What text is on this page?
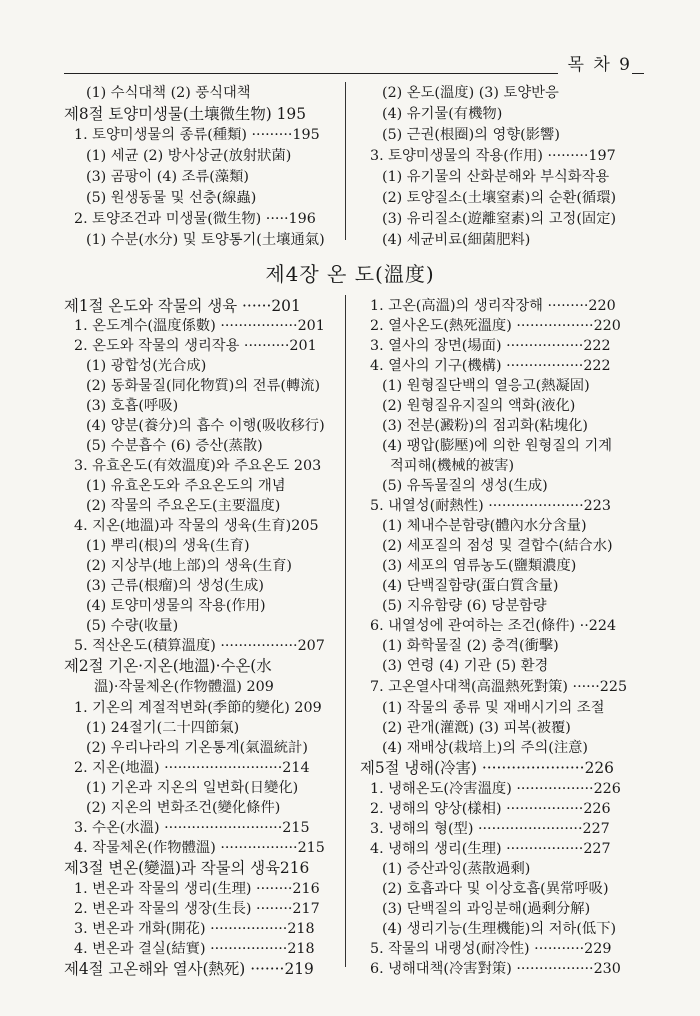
목 차 9
(1) 수식대책 (2) 풍식대책
제8절 토양미생물(土壤微生物) 195
1. 토양미생물의 종류(種類) ·········195
(1) 세균 (2) 방사상균(放射狀菌)
(3) 곰팡이 (4) 조류(藻類)
(5) 원생동물 및 선충(線蟲)
2. 토양조건과 미생물(微生物) ·····196
(1) 수분(水分) 및 토양통기(土壤通氣)
(2) 온도(溫度) (3) 토양반응
(4) 유기물(有機物)
(5) 근권(根圈)의 영향(影響)
3. 토양미생물의 작용(作用) ·········197
(1) 유기물의 산화분해와 부식화작용
(2) 토양질소(土壤窒素)의 순환(循環)
(3) 유리질소(遊離窒素)의 고정(固定)
(4) 세균비료(細菌肥料)
제4장 온 도(溫度)
제1절 온도와 작물의 생육 ······201
1. 온도계수(溫度係數) ·················201
2. 온도와 작물의 생리작용 ··········201
(1) 광합성(光合成)
(2) 동화물질(同化物質)의 전류(轉流)
(3) 호흡(呼吸)
(4) 양분(養分)의 흡수 이행(吸收移行)
(5) 수분흡수 (6) 증산(蒸散)
3. 유효온도(有效溫度)와 주요온도 203
(1) 유효온도와 주요온도의 개념
(2) 작물의 주요온도(主要溫度)
4. 지온(地溫)과 작물의 생육(生育)205
(1) 뿌리(根)의 생육(生育)
(2) 지상부(地上部)의 생육(生育)
(3) 근류(根瘤)의 생성(生成)
(4) 토양미생물의 작용(作用)
(5) 수량(收量)
5. 적산온도(積算溫度) ·················207
제2절 기온·지온(地溫)·수온(水
溫)·작물체온(作物體溫) 209
1. 기온의 계절적변화(季節的變化) 209
(1) 24절기(二十四節氣)
(2) 우리나라의 기온통계(氣溫統計)
2. 지온(地溫) ··························214
(1) 기온과 지온의 일변화(日變化)
(2) 지온의 변화조건(變化條件)
3. 수온(水溫) ··························215
4. 작물체온(作物體溫) ·················215
제3절 변온(變溫)과 작물의 생육216
1. 변온과 작물의 생리(生理) ········216
2. 변온과 작물의 생장(生長) ········217
3. 변온과 개화(開花) ·················218
4. 변온과 결실(結實) ·················218
제4절 고온해와 열사(熱死) ·······219
1. 고온(高溫)의 생리작장해 ·········220
2. 열사온도(熱死溫度) ·················220
3. 열사의 장면(場面) ·················222
4. 열사의 기구(機構) ·················222
(1) 원형질단백의 열응고(熱凝固)
(2) 원형질유지질의 액화(液化)
(3) 전분(澱粉)의 점괴화(粘塊化)
(4) 팽압(膨壓)에 의한 원형질의 기계
적피해(機械的被害)
(5) 유독물질의 생성(生成)
5. 내열성(耐熱性) ·····················223
(1) 체내수분함량(體內水分含量)
(2) 세포질의 점성 및 결합수(結合水)
(3) 세포의 염류농도(鹽類濃度)
(4) 단백질함량(蛋白質含量)
(5) 지유함량 (6) 당분함량
6. 내열성에 관여하는 조건(條件) ··224
(1) 화학물질 (2) 충격(衝擊)
(3) 연령 (4) 기관 (5) 환경
7. 고온열사대책(高溫熱死對策) ······225
(1) 작물의 종류 및 재배시기의 조절
(2) 관개(灌漑) (3) 피복(被覆)
(4) 재배상(栽培上)의 주의(注意)
제5절 냉해(冷害) ·····················226
1. 냉해온도(冷害溫度) ·················226
2. 냉해의 양상(樣相) ·················226
3. 냉해의 형(型) ·······················227
4. 냉해의 생리(生理) ·················227
(1) 증산과잉(蒸散過剩)
(2) 호흡과다 및 이상호흡(異常呼吸)
(3) 단백질의 과잉분해(過剩分解)
(4) 생리기능(生理機能)의 저하(低下)
5. 작물의 내랭성(耐冷性) ···········229
6. 냉해대책(冷害對策) ·················230
